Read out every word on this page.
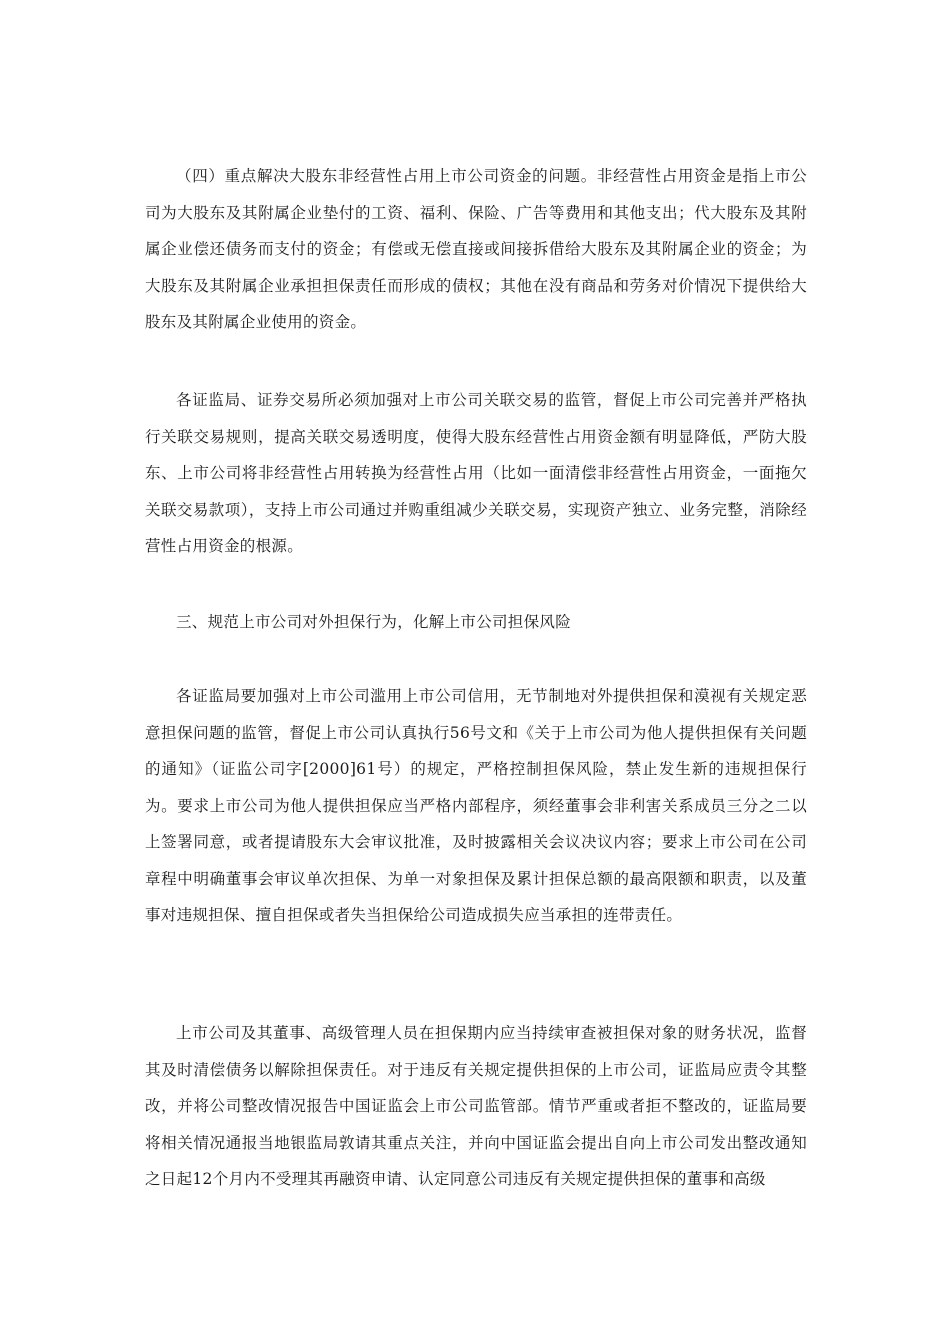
（四）重点解决大股东非经营性占用上市公司资金的问题。非经营性占用资金是指上市公司为大股东及其附属企业垫付的工资、福利、保险、广告等费用和其他支出；代大股东及其附属企业偿还债务而支付的资金；有偿或无偿直接或间接拆借给大股东及其附属企业的资金；为大股东及其附属企业承担担保责任而形成的债权；其他在没有商品和劳务对价情况下提供给大股东及其附属企业使用的资金。

各证监局、证券交易所必须加强对上市公司关联交易的监管，督促上市公司完善并严格执行关联交易规则，提高关联交易透明度，使得大股东经营性占用资金额有明显降低，严防大股东、上市公司将非经营性占用转换为经营性占用（比如一面清偿非经营性占用资金，一面拖欠关联交易款项），支持上市公司通过并购重组减少关联交易，实现资产独立、业务完整，消除经营性占用资金的根源。

三、规范上市公司对外担保行为，化解上市公司担保风险

各证监局要加强对上市公司滥用上市公司信用，无节制地对外提供担保和漠视有关规定恶意担保问题的监管，督促上市公司认真执行56号文和《关于上市公司为他人提供担保有关问题的通知》（证监公司字[2000]61号）的规定，严格控制担保风险，禁止发生新的违规担保行为。要求上市公司为他人提供担保应当严格内部程序，须经董事会非利害关系成员三分之二以上签署同意，或者提请股东大会审议批准，及时披露相关会议决议内容；要求上市公司在公司章程中明确董事会审议单次担保、为单一对象担保及累计担保总额的最高限额和职责，以及董事对违规担保、擅自担保或者失当担保给公司造成损失应当承担的连带责任。

上市公司及其董事、高级管理人员在担保期内应当持续审查被担保对象的财务状况，监督其及时清偿债务以解除担保责任。对于违反有关规定提供担保的上市公司，证监局应责令其整改，并将公司整改情况报告中国证监会上市公司监管部。情节严重或者拒不整改的，证监局要将相关情况通报当地银监局敦请其重点关注，并向中国证监会提出自向上市公司发出整改通知之日起12个月内不受理其再融资申请、认定同意公司违反有关规定提供担保的董事和高级
